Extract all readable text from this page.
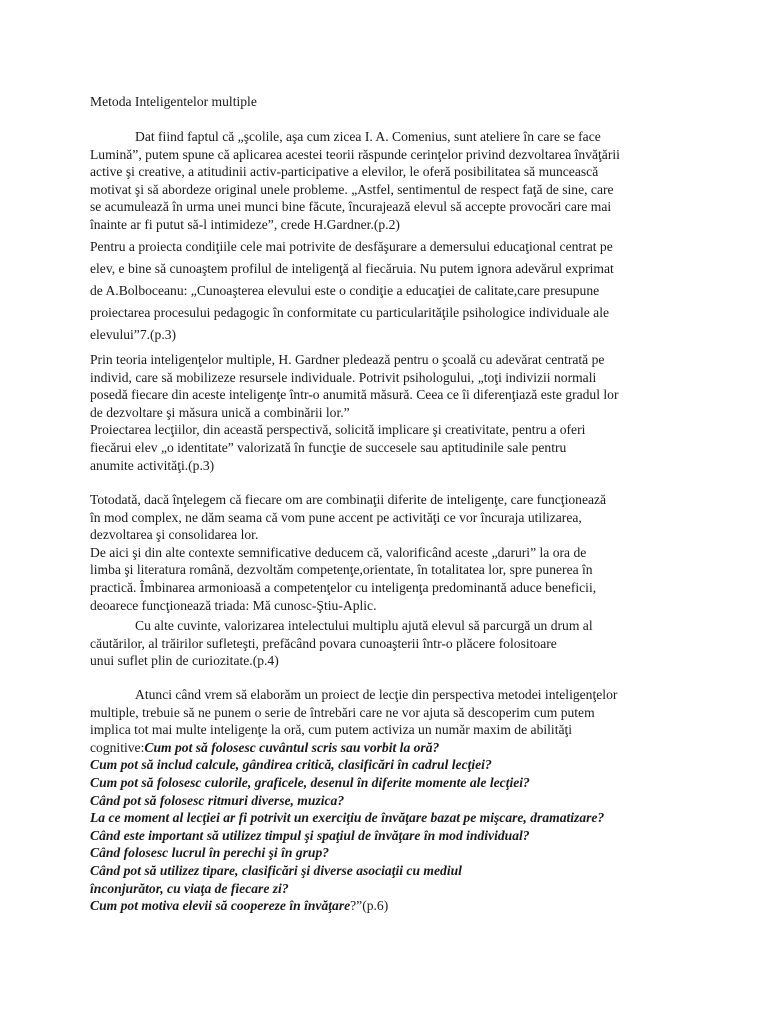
Metoda Inteligentelor multiple

Dat fiind faptul că „şcolile, aşa cum zicea I. A. Comenius, sunt ateliere în care se face
Lumină”, putem spune că aplicarea acestei teorii răspunde cerinţelor privind dezvoltarea învăţării
active şi creative, a atitudinii activ-participative a elevilor, le oferă posibilitatea să muncească
motivat şi să abordeze original unele probleme. „Astfel, sentimentul de respect faţă de sine, care
se acumulează în urma unei munci bine făcute, încurajează elevul să accepte provocări care mai
înainte ar fi putut să-l intimideze”, crede H.Gardner.(p.2)
Pentru a proiecta condiţiile cele mai potrivite de desfăşurare a demersului educaţional centrat pe
elev, e bine să cunoaştem profilul de inteligenţă al fiecăruia. Nu putem ignora adevărul exprimat
de A.Bolboceanu: „Cunoaşterea elevului este o condiţie a educaţiei de calitate,care presupune
proiectarea procesului pedagogic în conformitate cu particularităţile psihologice individuale ale
elevului”7.(p.3)
Prin teoria inteligenţelor multiple, H. Gardner pledează pentru o şcoală cu adevărat centrată pe
individ, care să mobilizeze resursele individuale. Potrivit psihologului, „toţi indivizii normali
posedă fiecare din aceste inteligenţe într-o anumită măsură. Ceea ce îi diferenţiază este gradul lor
de dezvoltare şi măsura unică a combinării lor.”
Proiectarea lecţiilor, din această perspectivă, solicită implicare şi creativitate, pentru a oferi
fiecărui elev „o identitate” valorizată în funcţie de succesele sau aptitudinile sale pentru
anumite activităţi.(p.3)
Totodată, dacă înţelegem că fiecare om are combinaţii diferite de inteligenţe, care funcţionează
în mod complex, ne dăm seama că vom pune accent pe activităţi ce vor încuraja utilizarea,
dezvoltarea şi consolidarea lor.
De aici şi din alte contexte semnificative deducem că, valorificând aceste „daruri” la ora de
limba şi literatura română, dezvoltăm competenţe,orientate, în totalitatea lor, spre punerea în
practică. Îmbinarea armonioasă a competenţelor cu inteligenţa predominantă aduce beneficii,
deoarece funcţionează triada: Mă cunosc-Ştiu-Aplic.
Cu alte cuvinte, valorizarea intelectului multiplu ajută elevul să parcurgă un drum al
căutărilor, al trăirilor sufleteşti, prefăcând povara cunoaşterii într-o plăcere folositoare
unui suflet plin de curiozitate.(p.4)
Atunci când vrem să elaborăm un proiect de lecţie din perspectiva metodei inteligenţelor
multiple, trebuie să ne punem o serie de întrebări care ne vor ajuta să descoperim cum putem
implica tot mai multe inteligenţe la oră, cum putem activiza un număr maxim de abilităţi
cognitive:Cum pot să folosesc cuvântul scris sau vorbit la oră?
Cum pot să includ calcule, gândirea critică, clasificări în cadrul lecţiei?
Cum pot să folosesc culorile, graficele, desenul în diferite momente ale lecţiei?
Când pot să folosesc ritmuri diverse, muzica?
La ce moment al lecţiei ar fi potrivit un exerciţiu de învăţare bazat pe mişcare, dramatizare?
Când este important să utilizez timpul şi spaţiul de învăţare în mod individual?
Când folosesc lucrul în perechi şi în grup?
Când pot să utilizez tipare, clasificări şi diverse asociaţii cu mediul
înconjurător, cu viaţa de fiecare zi?
Cum pot motiva elevii să coopereze în învăţare?”(p.6)
